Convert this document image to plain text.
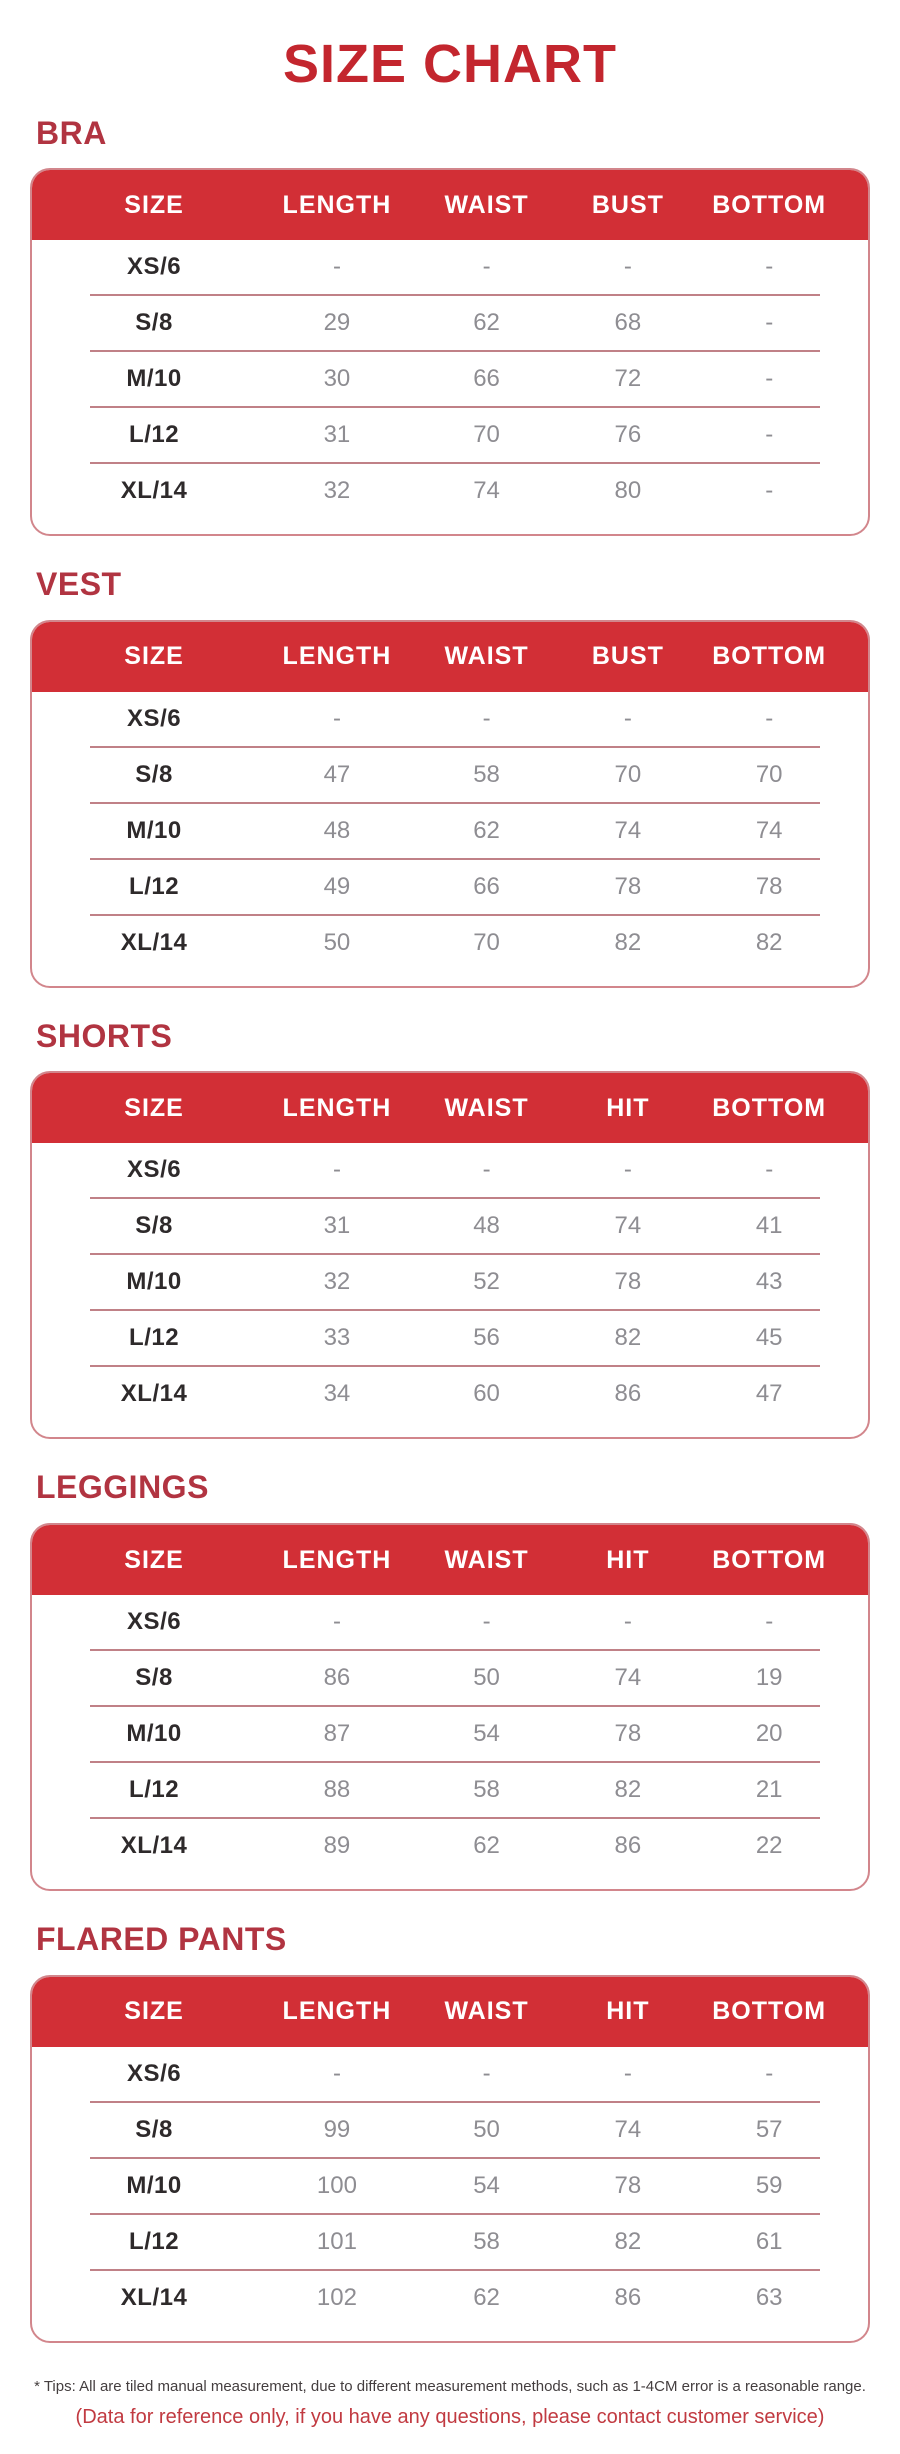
SIZE CHART
BRA
SIZE	LENGTH	WAIST	BUST	BOTTOM
XS/6	-	-	-	-
S/8	29	62	68	-
M/10	30	66	72	-
L/12	31	70	76	-
XL/14	32	74	80	-
VEST
SIZE	LENGTH	WAIST	BUST	BOTTOM
XS/6	-	-	-	-
S/8	47	58	70	70
M/10	48	62	74	74
L/12	49	66	78	78
XL/14	50	70	82	82
SHORTS
SIZE	LENGTH	WAIST	HIT	BOTTOM
XS/6	-	-	-	-
S/8	31	48	74	41
M/10	32	52	78	43
L/12	33	56	82	45
XL/14	34	60	86	47
LEGGINGS
SIZE	LENGTH	WAIST	HIT	BOTTOM
XS/6	-	-	-	-
S/8	86	50	74	19
M/10	87	54	78	20
L/12	88	58	82	21
XL/14	89	62	86	22
FLARED PANTS
SIZE	LENGTH	WAIST	HIT	BOTTOM
XS/6	-	-	-	-
S/8	99	50	74	57
M/10	100	54	78	59
L/12	101	58	82	61
XL/14	102	62	86	63

* Tips: All are tiled manual measurement, due to different measurement methods, such as 1-4CM error is a reasonable range.

(Data for reference only, if you have any questions, please contact customer service)
